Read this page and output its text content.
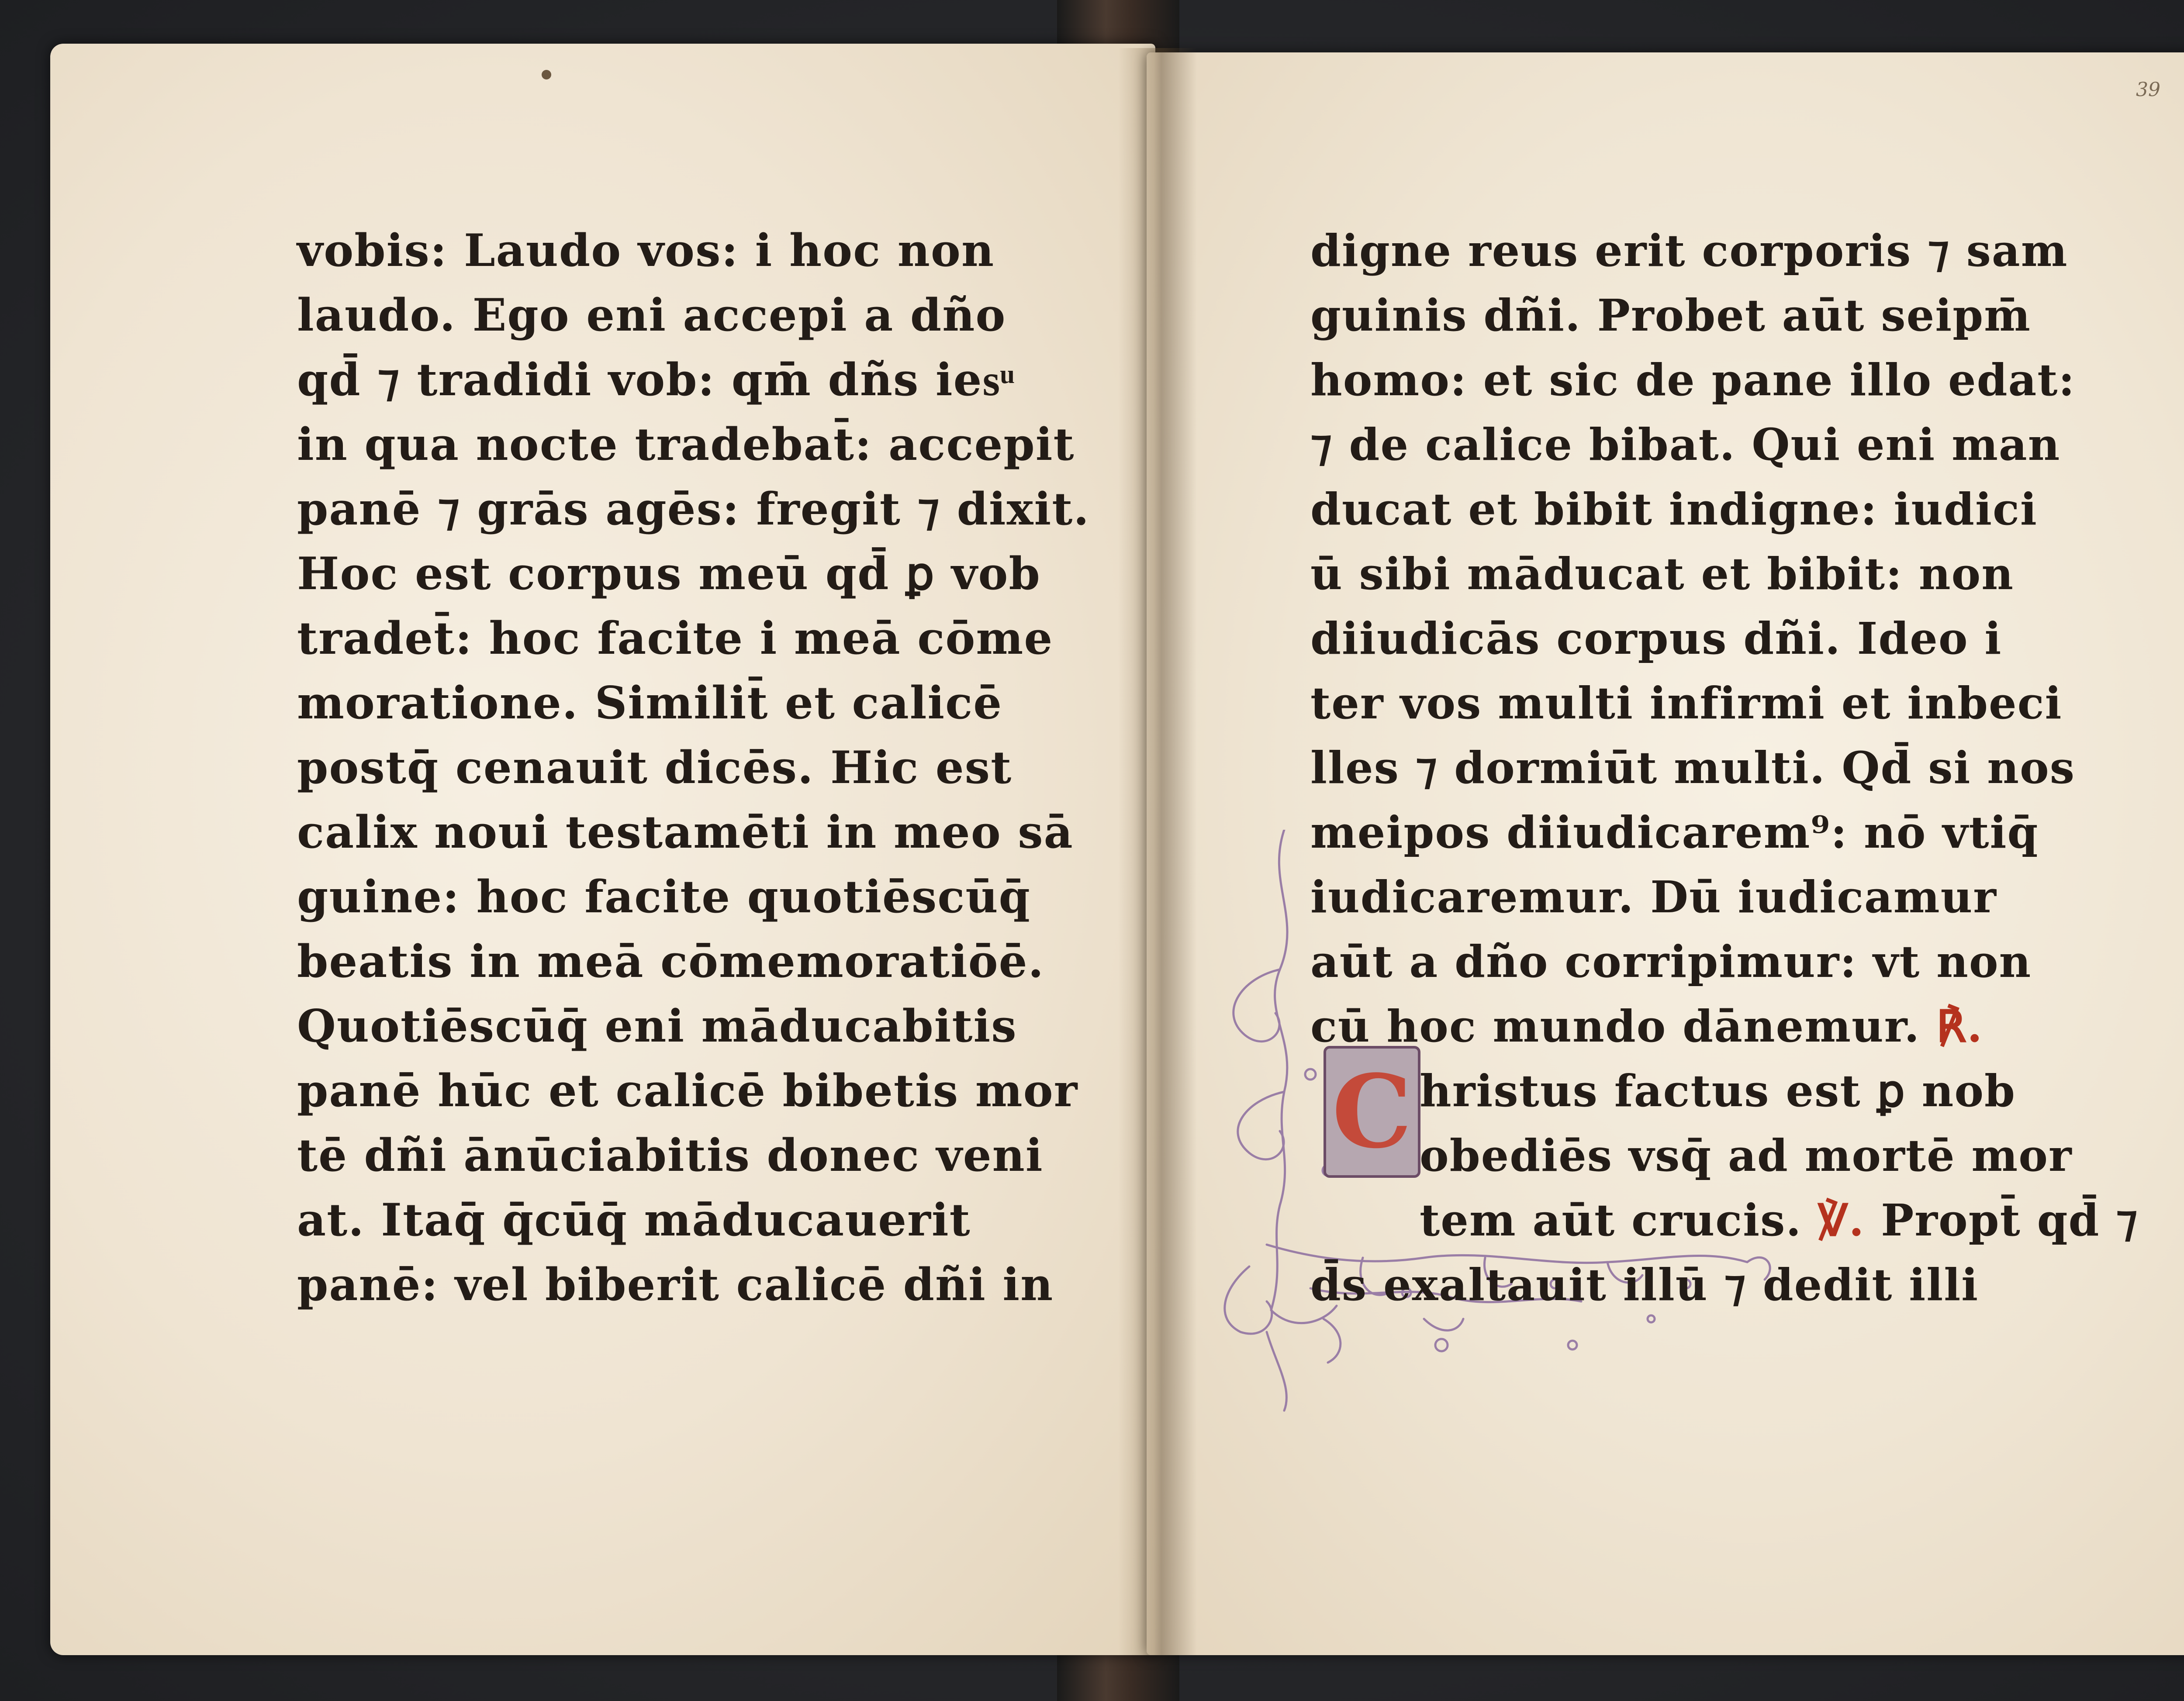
39
vobis: Laudo vos: i hoc non
laudo. Ego eni accepi a dño
qd̄ ⁊ tradidi vob: qm̄ dñs iesͧ
in qua nocte tradebat̄: accepit
panē ⁊ grās agēs: fregit ⁊ dixit.
Hoc est corpus meū qd̄ ꝑ vob
tradet̄: hoc facite i meā cōme
moratione. Similit̄ et calicē
postq̄ cenauit dicēs. Hic est
calix noui testamēti in meo sā
guine: hoc facite quotiēscūq̄
beatis in meā cōmemoratiōē.
Quotiēscūq̄ eni māducabitis
panē hūc et calicē bibetis mor
tē dñi ānūciabitis donec veni
at. Itaq̄ q̄cūq̄ māducauerit
panē: vel biberit calicē dñi in
C
digne reus erit corporis ⁊ sam
guinis dñi. Probet aūt seipm̄
homo: et sic de pane illo edat:
⁊ de calice bibat. Qui eni man
ducat et bibit indigne: iudici
ū sibi māducat et bibit: non
diiudicās corpus dñi. Ideo i
ter vos multi infirmi et inbeci
lles ⁊ dormiūt multi. Qd̄ si nos
meipos diiudicarem⁹: nō vtiq̄
iudicaremur. Dū iudicamur
aūt a dño corripimur: vt non
cū hoc mundo dānemur. ℟.
hristus factus est ꝑ nob
obediēs vsq̄ ad mortē mor
tem aūt crucis. ℣. Propt̄ qd̄ ⁊
d̄s exaltauit illū ⁊ dedit illi
